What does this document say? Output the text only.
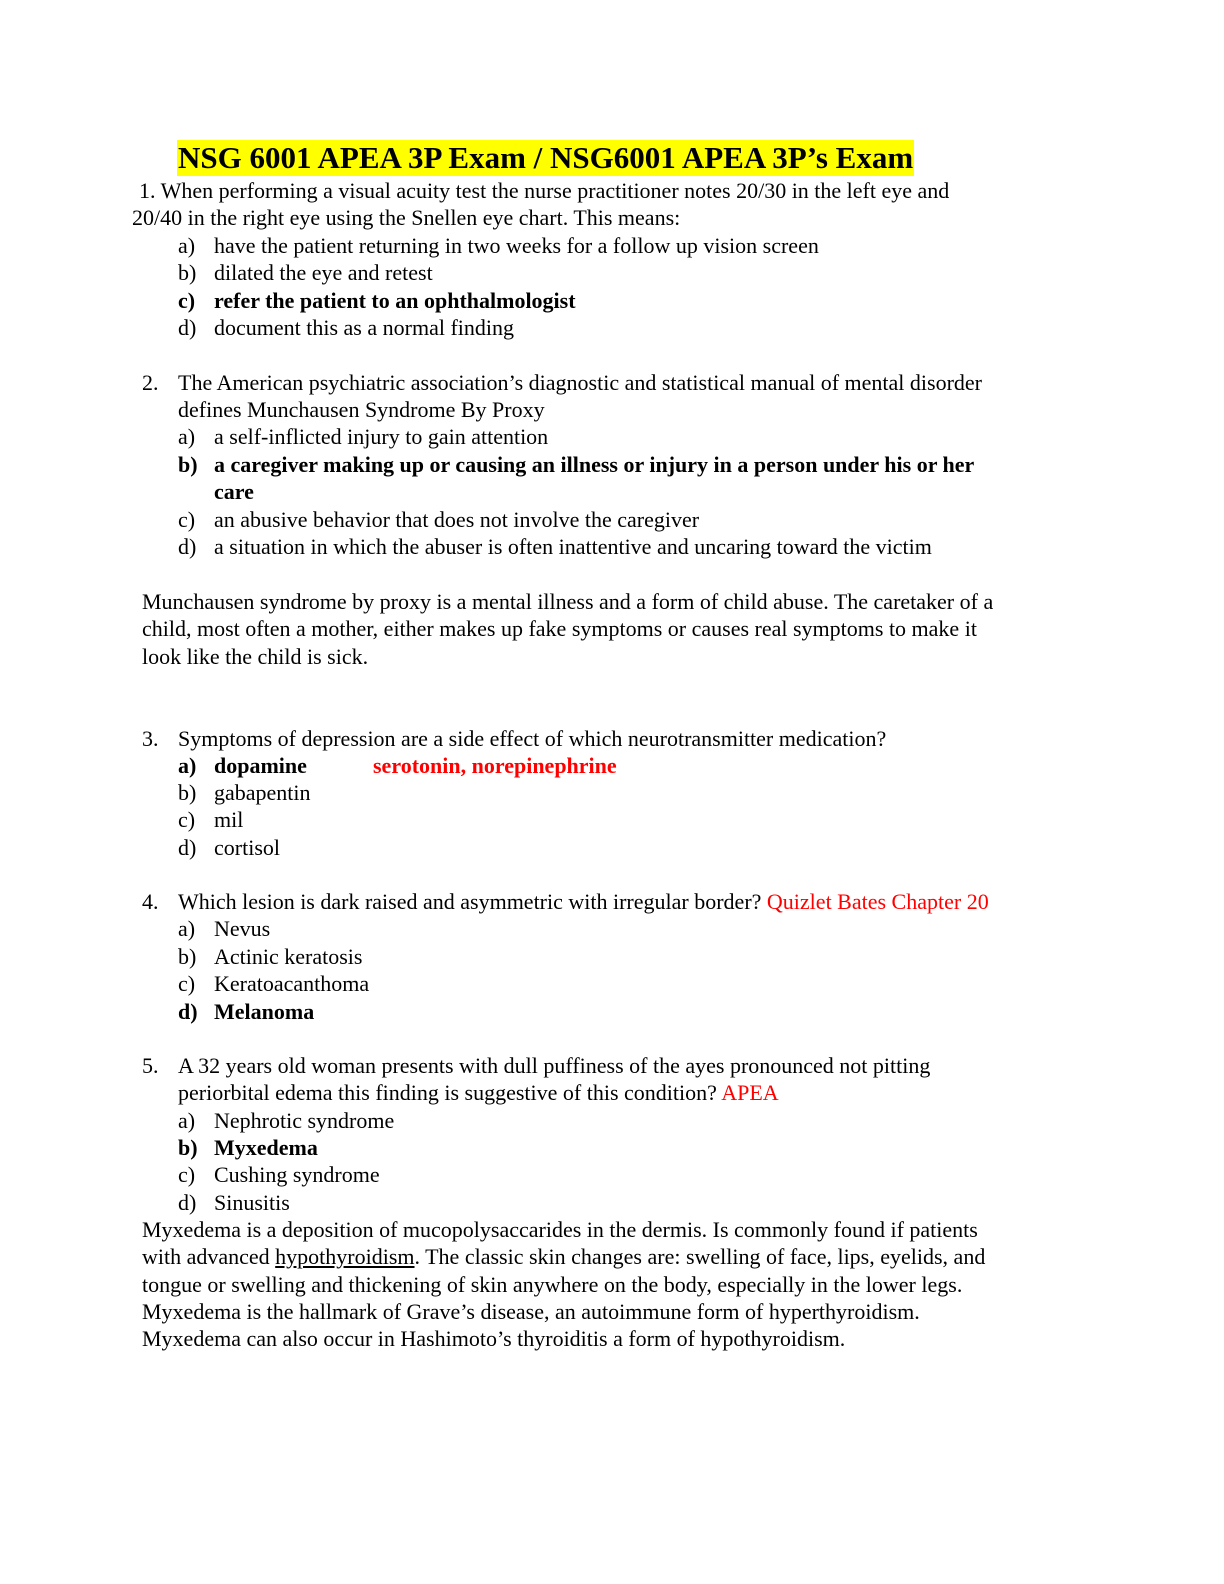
NSG 6001 APEA 3P Exam / NSG6001 APEA 3P’s Exam
1. When performing a visual acuity test the nurse practitioner notes 20/30 in the left eye and
20/40 in the right eye using the Snellen eye chart. This means:
a) have the patient returning in two weeks for a follow up vision screen
b) dilated the eye and retest
c) refer the patient to an ophthalmologist
d) document this as a normal finding
2. The American psychiatric association’s diagnostic and statistical manual of mental disorder
defines Munchausen Syndrome By Proxy
a) a self-inflicted injury to gain attention
b) a caregiver making up or causing an illness or injury in a person under his or her
care
c) an abusive behavior that does not involve the caregiver
d) a situation in which the abuser is often inattentive and uncaring toward the victim
Munchausen syndrome by proxy is a mental illness and a form of child abuse. The caretaker of a
child, most often a mother, either makes up fake symptoms or causes real symptoms to make it
look like the child is sick.
3. Symptoms of depression are a side effect of which neurotransmitter medication?
a) dopamine	serotonin, norepinephrine
b) gabapentin
c) mil
d) cortisol
4. Which lesion is dark raised and asymmetric with irregular border? Quizlet Bates Chapter 20
a) Nevus
b) Actinic keratosis
c) Keratoacanthoma
d) Melanoma
5. A 32 years old woman presents with dull puffiness of the ayes pronounced not pitting
periorbital edema this finding is suggestive of this condition? APEA
a) Nephrotic syndrome
b) Myxedema
c) Cushing syndrome
d) Sinusitis
Myxedema is a deposition of mucopolysaccarides in the dermis. Is commonly found if patients
with advanced hypothyroidism. The classic skin changes are: swelling of face, lips, eyelids, and
tongue or swelling and thickening of skin anywhere on the body, especially in the lower legs.
Myxedema is the hallmark of Grave’s disease, an autoimmune form of hyperthyroidism.
Myxedema can also occur in Hashimoto’s thyroiditis a form of hypothyroidism.
